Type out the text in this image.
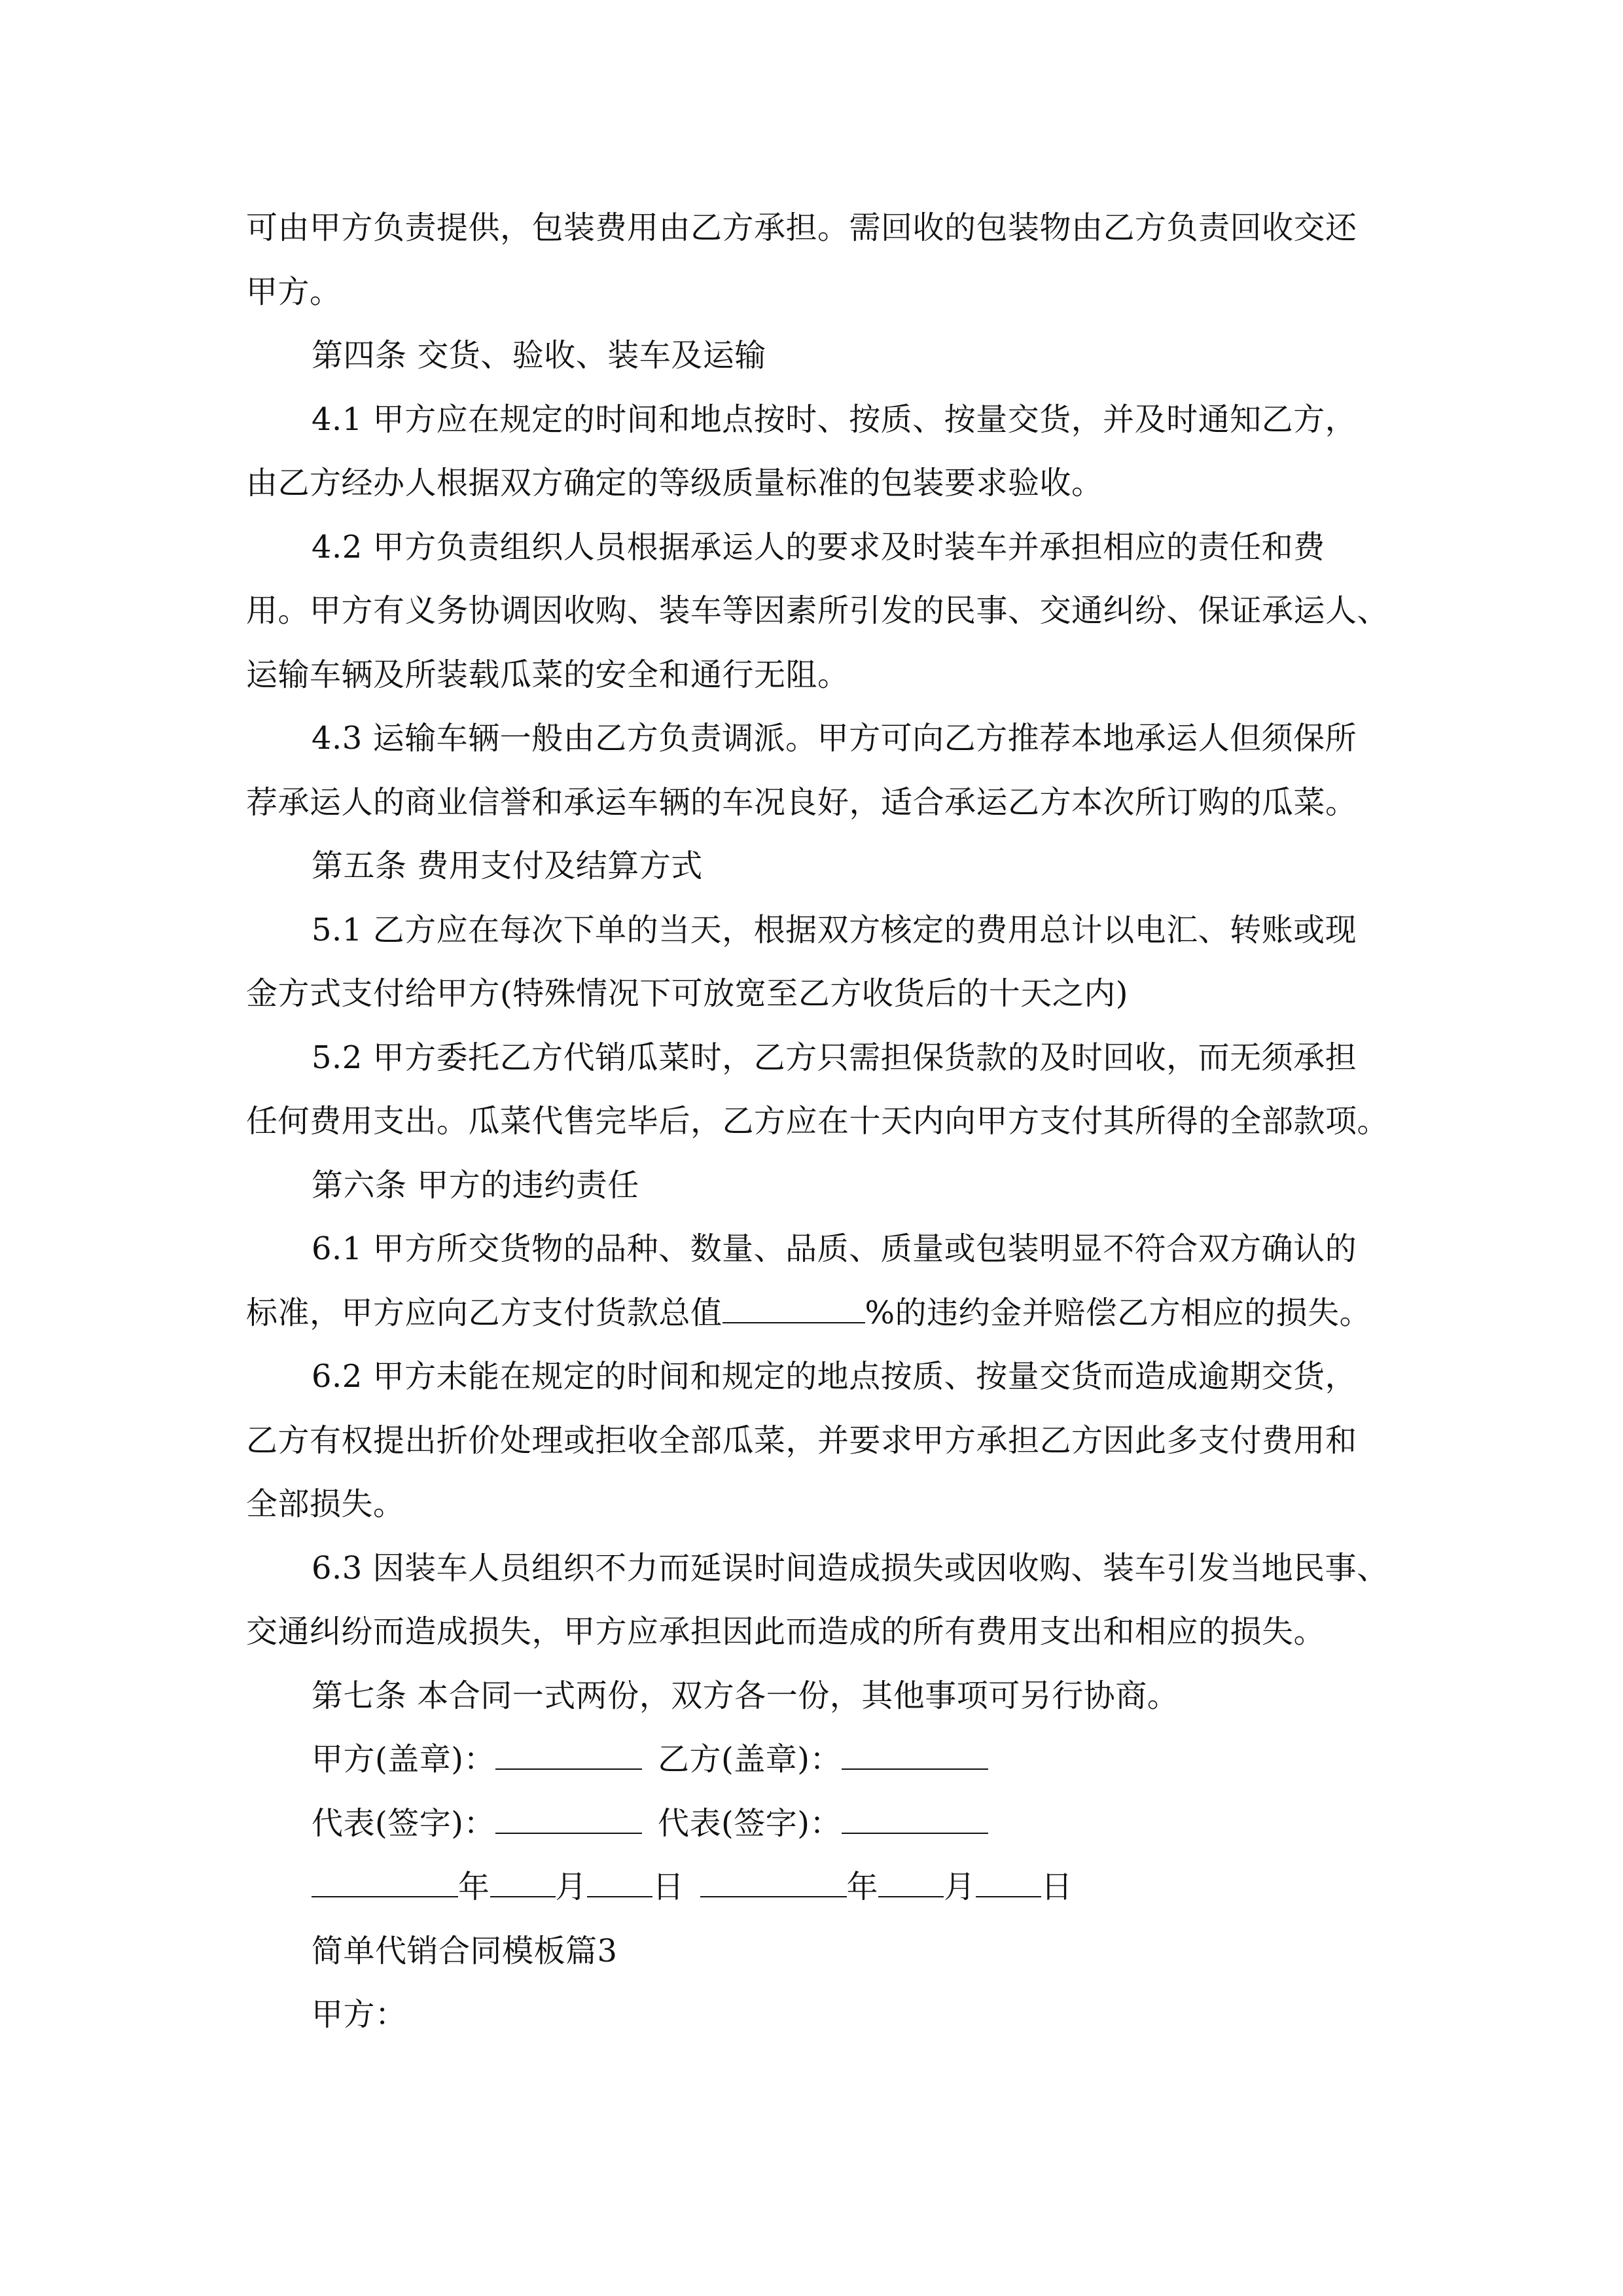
可由甲方负责提供，包装费用由乙方承担。需回收的包装物由乙方负责回收交还
甲方。
第四条 交货、验收、装车及运输
4.1 甲方应在规定的时间和地点按时、按质、按量交货，并及时通知乙方，
由乙方经办人根据双方确定的等级质量标准的包装要求验收。
4.2 甲方负责组织人员根据承运人的要求及时装车并承担相应的责任和费
用。甲方有义务协调因收购、装车等因素所引发的民事、交通纠纷、保证承运人、
运输车辆及所装载瓜菜的安全和通行无阻。
4.3 运输车辆一般由乙方负责调派。甲方可向乙方推荐本地承运人但须保所
荐承运人的商业信誉和承运车辆的车况良好，适合承运乙方本次所订购的瓜菜。
第五条 费用支付及结算方式
5.1 乙方应在每次下单的当天，根据双方核定的费用总计以电汇、转账或现
金方式支付给甲方(特殊情况下可放宽至乙方收货后的十天之内)
5.2 甲方委托乙方代销瓜菜时，乙方只需担保货款的及时回收，而无须承担
任何费用支出。瓜菜代售完毕后，乙方应在十天内向甲方支付其所得的全部款项。
第六条 甲方的违约责任
6.1 甲方所交货物的品种、数量、品质、质量或包装明显不符合双方确认的
标准，甲方应向乙方支付货款总值	%的违约金并赔偿乙方相应的损失。
6.2 甲方未能在规定的时间和规定的地点按质、按量交货而造成逾期交货，
乙方有权提出折价处理或拒收全部瓜菜，并要求甲方承担乙方因此多支付费用和
全部损失。
6.3 因装车人员组织不力而延误时间造成损失或因收购、装车引发当地民事、
交通纠纷而造成损失，甲方应承担因此而造成的所有费用支出和相应的损失。
第七条 本合同一式两份，双方各一份，其他事项可另行协商。
甲方(盖章)：	乙方(盖章)：
代表(签字)：	代表(签字)：
年 月 日	年 月 日
简单代销合同模板篇3
甲方：
